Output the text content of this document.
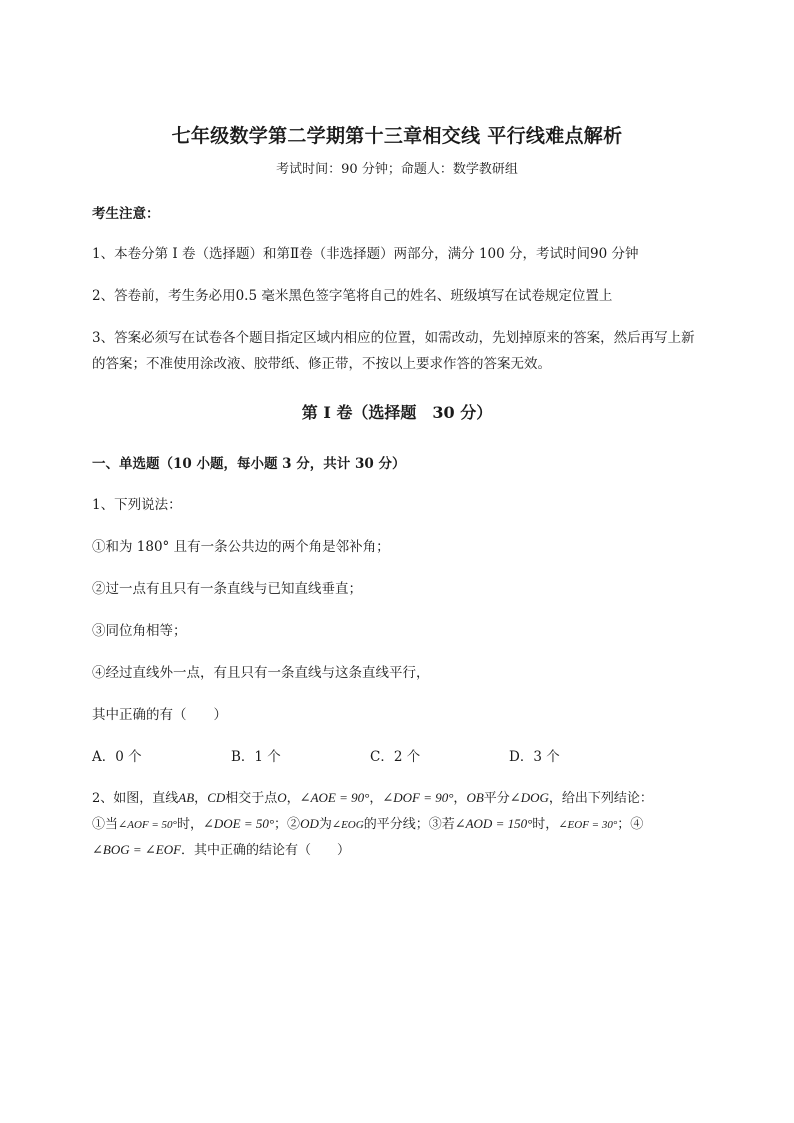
七年级数学第二学期第十三章相交线 平行线难点解析
考试时间：90 分钟；命题人：数学教研组
考生注意：
1、本卷分第 I 卷（选择题）和第Ⅱ卷（非选择题）两部分，满分 100 分，考试时间90 分钟
2、答卷前，考生务必用0.5 毫米黑色签字笔将自己的姓名、班级填写在试卷规定位置上
3、答案必须写在试卷各个题目指定区域内相应的位置，如需改动，先划掉原来的答案，然后再写上新
的答案；不准使用涂改液、胶带纸、修正带，不按以上要求作答的答案无效。
第 I 卷（选择题　30 分）
一、单选题（10 小题，每小题 3 分，共计 30 分）
1、下列说法：
①和为 180° 且有一条公共边的两个角是邻补角；
②过一点有且只有一条直线与已知直线垂直；
③同位角相等；
④经过直线外一点，有且只有一条直线与这条直线平行，
其中正确的有（　　）
A．0 个	B．1 个	C．2 个	D．3 个
2、如图，直线AB，CD相交于点O，∠AOE = 90°，∠DOF = 90°，OB平分∠DOG，给出下列结论：
①当∠AOF = 50°时，∠DOE = 50°；②OD为∠EOG的平分线；③若∠AOD = 150°时，∠EOF = 30°；④
∠BOG = ∠EOF．其中正确的结论有（　　）
